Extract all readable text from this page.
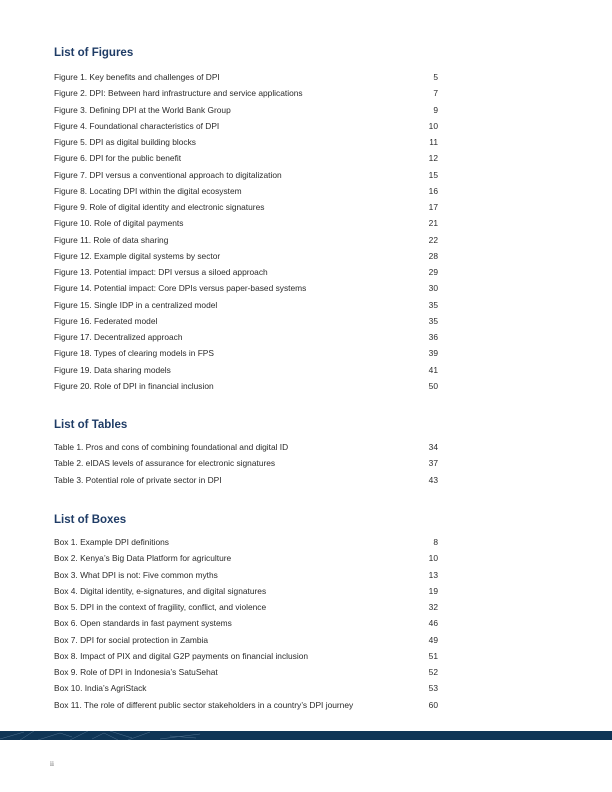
List of Figures
Figure 1. Key benefits and challenges of DPI	5
Figure 2. DPI: Between hard infrastructure and service applications	7
Figure 3. Defining DPI at the World Bank Group	9
Figure 4. Foundational characteristics of DPI	10
Figure 5. DPI as digital building blocks	11
Figure 6. DPI for the public benefit	12
Figure 7. DPI versus a conventional approach to digitalization	15
Figure 8. Locating DPI within the digital ecosystem	16
Figure 9. Role of digital identity and electronic signatures	17
Figure 10. Role of digital payments	21
Figure 11. Role of data sharing	22
Figure 12. Example digital systems by sector	28
Figure 13. Potential impact: DPI versus a siloed approach	29
Figure 14. Potential impact: Core DPIs versus paper-based systems	30
Figure 15. Single IDP in a centralized model	35
Figure 16. Federated model	35
Figure 17. Decentralized approach	36
Figure 18. Types of clearing models in FPS	39
Figure 19. Data sharing models	41
Figure 20. Role of DPI in financial inclusion	50
List of Tables
Table 1. Pros and cons of combining foundational and digital ID	34
Table 2. eIDAS levels of assurance for electronic signatures	37
Table 3. Potential role of private sector in DPI	43
List of Boxes
Box 1. Example DPI definitions	8
Box 2. Kenya’s Big Data Platform for agriculture	10
Box 3. What DPI is not: Five common myths	13
Box 4. Digital identity, e-signatures, and digital signatures	19
Box 5. DPI in the context of fragility, conflict, and violence	32
Box 6. Open standards in fast payment systems	46
Box 7. DPI for social protection in Zambia	49
Box 8. Impact of PIX and digital G2P payments on financial inclusion	51
Box 9. Role of DPI in Indonesia’s SatuSehat	52
Box 10. India’s AgriStack	53
Box 11. The role of different public sector stakeholders in a country’s DPI journey	60
ii
